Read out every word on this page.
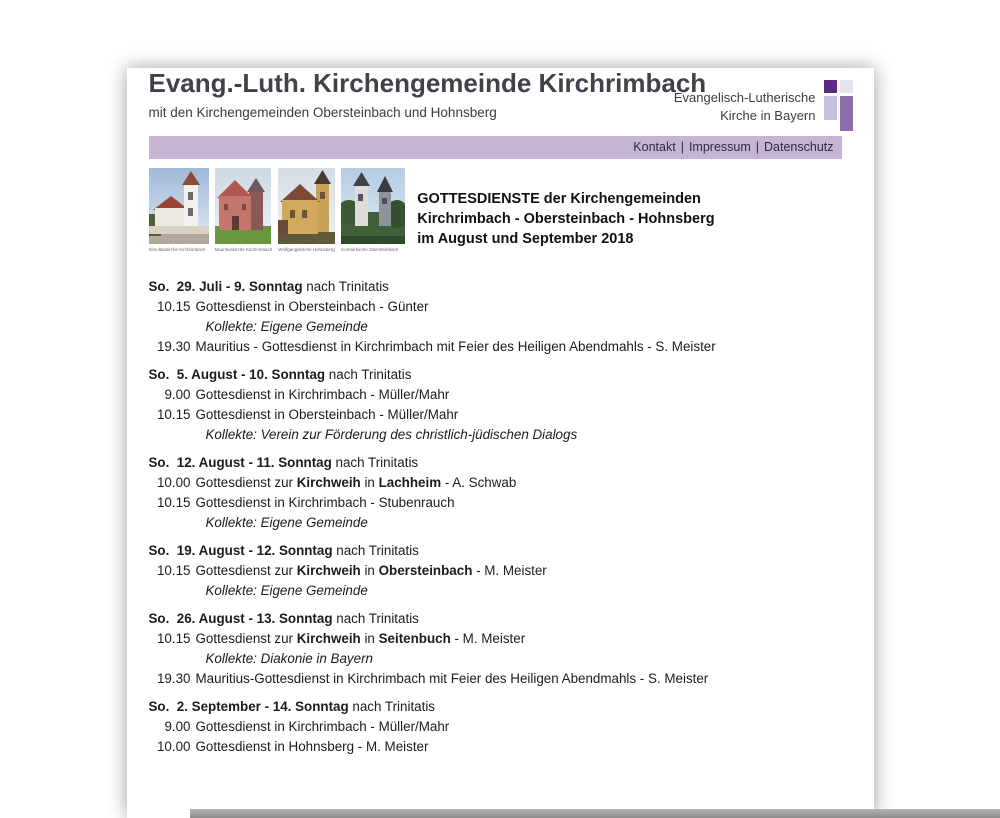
Evangelisch-Lutherische
Kirche in Bayern
Evang.-Luth. Kirchengemeinde Kirchrimbach
mit den Kirchengemeinden Obersteinbach und Hohnsberg
Kontakt | Impressum | Datenschutz
Simultankirche Kirchrimbach	Mauritiuskirche Kirchrimbach Wolfgangskirche Hohnsberg Komturkirche Obersteinbach
GOTTESDIENSTE der Kirchengemeinden
Kirchrimbach - Obersteinbach - Hohnsberg
im August und September 2018
So.  29. Juli - 9. Sonntag nach Trinitatis
10.15 Gottesdienst in Obersteinbach - Günter
Kollekte: Eigene Gemeinde
19.30 Mauritius - Gottesdienst in Kirchrimbach mit Feier des Heiligen Abendmahls - S. Meister
So.  5. August - 10. Sonntag nach Trinitatis
9.00 Gottesdienst in Kirchrimbach - Müller/Mahr
10.15 Gottesdienst in Obersteinbach - Müller/Mahr
Kollekte: Verein zur Förderung des christlich-jüdischen Dialogs
So.  12. August - 11. Sonntag nach Trinitatis
10.00 Gottesdienst zur Kirchweih in Lachheim - A. Schwab
10.15 Gottesdienst in Kirchrimbach - Stubenrauch
Kollekte: Eigene Gemeinde
So.  19. August - 12. Sonntag nach Trinitatis
10.15 Gottesdienst zur Kirchweih in Obersteinbach - M. Meister
Kollekte: Eigene Gemeinde
So.  26. August - 13. Sonntag nach Trinitatis
10.15 Gottesdienst zur Kirchweih in Seitenbuch - M. Meister
Kollekte: Diakonie in Bayern
19.30 Mauritius-Gottesdienst in Kirchrimbach mit Feier des Heiligen Abendmahls - S. Meister
So.  2. September - 14. Sonntag nach Trinitatis
9.00 Gottesdienst in Kirchrimbach - Müller/Mahr
10.00 Gottesdienst in Hohnsberg - M. Meister
